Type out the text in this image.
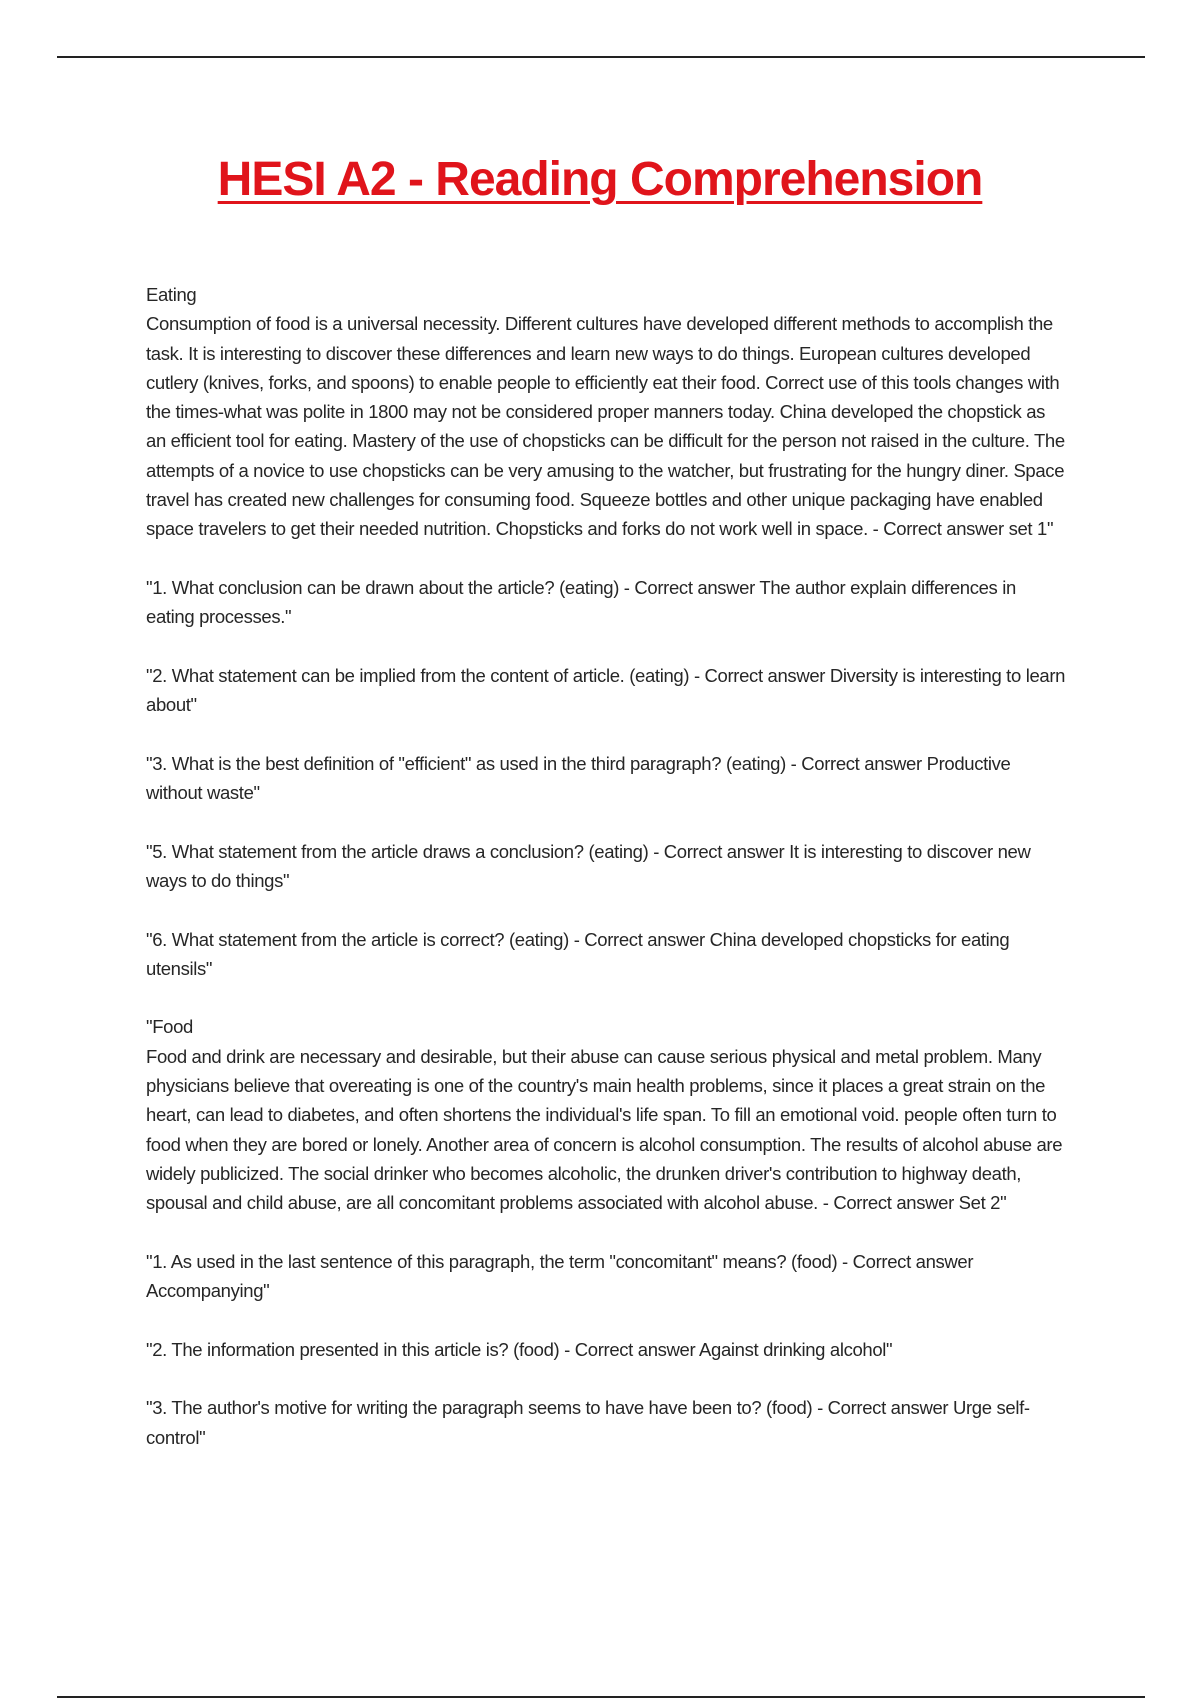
HESI A2 - Reading Comprehension

Eating

Consumption of food is a universal necessity. Different cultures have developed different methods to accomplish the task. It is interesting to discover these differences and learn new ways to do things. European cultures developed cutlery (knives, forks, and spoons) to enable people to efficiently eat their food. Correct use of this tools changes with the times-what was polite in 1800 may not be considered proper manners today. China developed the chopstick as an efficient tool for eating. Mastery of the use of chopsticks can be difficult for the person not raised in the culture. The attempts of a novice to use chopsticks can be very amusing to the watcher, but frustrating for the hungry diner. Space travel has created new challenges for consuming food. Squeeze bottles and other unique packaging have enabled space travelers to get their needed nutrition. Chopsticks and forks do not work well in space. - Correct answer set 1"

"1. What conclusion can be drawn about the article? (eating) - Correct answer The author explain differences in eating processes."

"2. What statement can be implied from the content of article. (eating) - Correct answer Diversity is interesting to learn about"

"3. What is the best definition of "efficient" as used in the third paragraph? (eating) - Correct answer Productive without waste"

"5. What statement from the article draws a conclusion? (eating) - Correct answer It is interesting to discover new ways to do things"

"6. What statement from the article is correct? (eating) - Correct answer China developed chopsticks for eating utensils"

"Food

Food and drink are necessary and desirable, but their abuse can cause serious physical and metal problem. Many physicians believe that overeating is one of the country's main health problems, since it places a great strain on the heart, can lead to diabetes, and often shortens the individual's life span. To fill an emotional void. people often turn to food when they are bored or lonely. Another area of concern is alcohol consumption. The results of alcohol abuse are widely publicized. The social drinker who becomes alcoholic, the drunken driver's contribution to highway death, spousal and child abuse, are all concomitant problems associated with alcohol abuse. - Correct answer Set 2"

"1. As used in the last sentence of this paragraph, the term "concomitant" means? (food) - Correct answer Accompanying"

"2. The information presented in this article is? (food) - Correct answer Against drinking alcohol"

"3. The author's motive for writing the paragraph seems to have have been to? (food) - Correct answer Urge self-control"
